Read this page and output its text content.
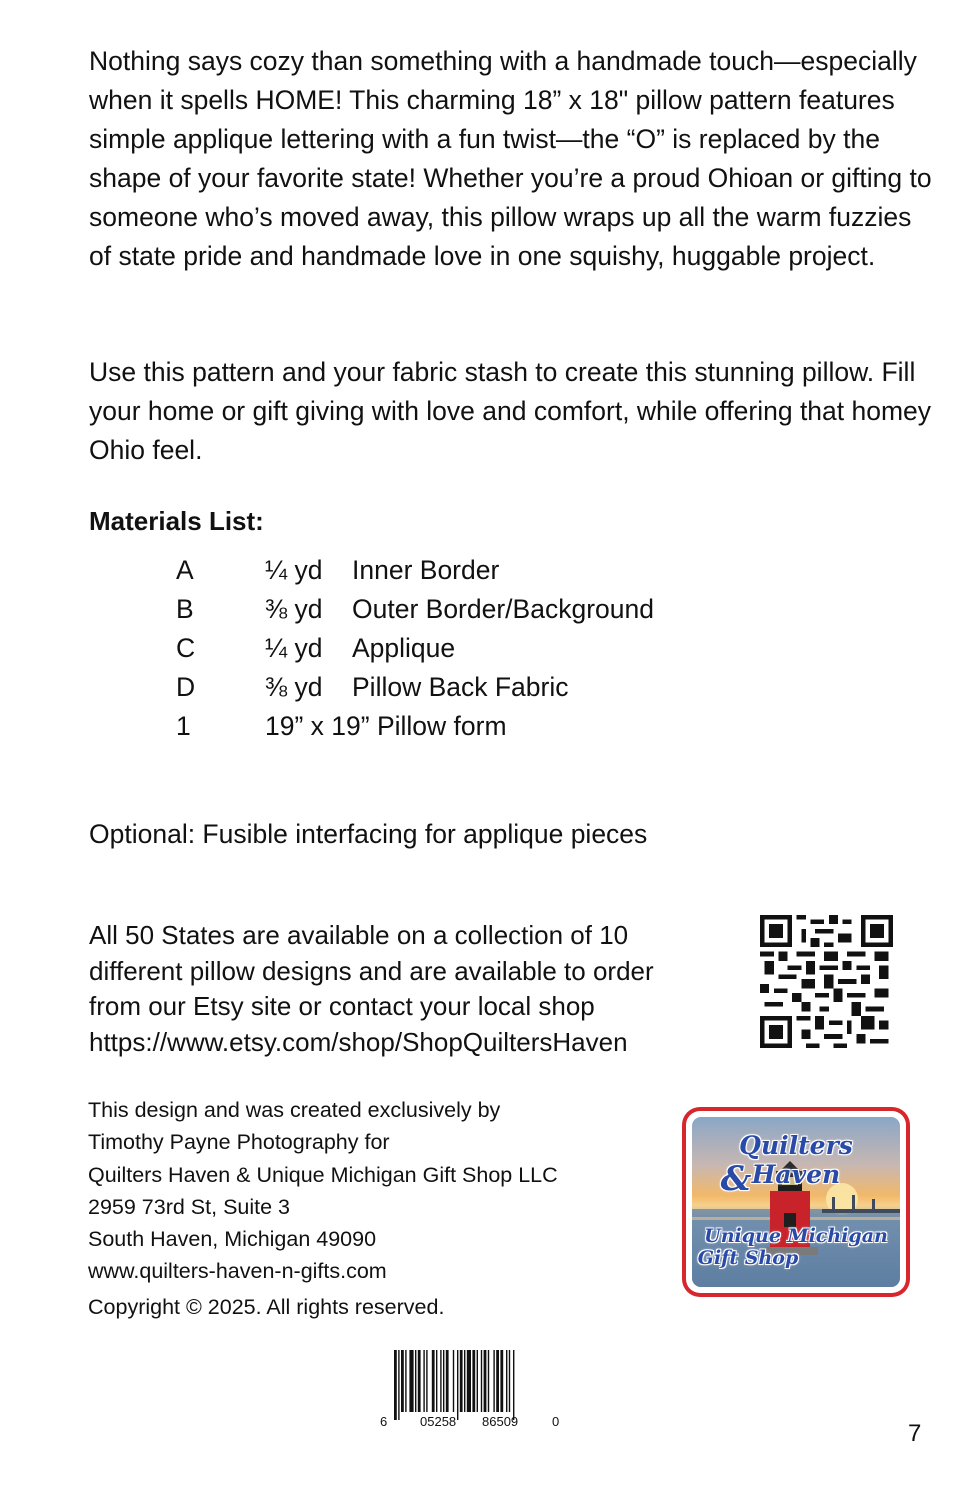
Nothing says cozy than something with a handmade touch—especially when it spells HOME! This charming 18” x 18" pillow pattern features simple applique lettering with a fun twist—the “O” is replaced by the shape of your favorite state! Whether you’re a proud Ohioan or gifting to someone who’s moved away, this pillow wraps up all the warm fuzzies of state pride and handmade love in one squishy, huggable project.

Use this pattern and your fabric stash to create this stunning pillow. Fill your home or gift giving with love and comfort, while offering that homey Ohio feel.

Materials List:
A	¼ yd Inner Border
B	⅜ yd Outer Border/Background
C	¼ yd Applique
D	⅜ yd Pillow Back Fabric
1	19” x 19” Pillow form

Optional: Fusible interfacing for applique pieces

All 50 States are available on a collection of 10
different pillow designs and are available to order
from our Etsy site or contact your local shop
https://www.etsy.com/shop/ShopQuiltersHaven
This design and was created exclusively by
Timothy Payne Photography for
Quilters Haven & Unique Michigan Gift Shop LLC
2959 73rd St, Suite 3
South Haven, Michigan 49090
www.quilters-haven-n-gifts.com
Copyright © 2025. All rights reserved.
Quilters Haven
&
Unique Michigan
Gift Shop
6	05258 86509	0	7
